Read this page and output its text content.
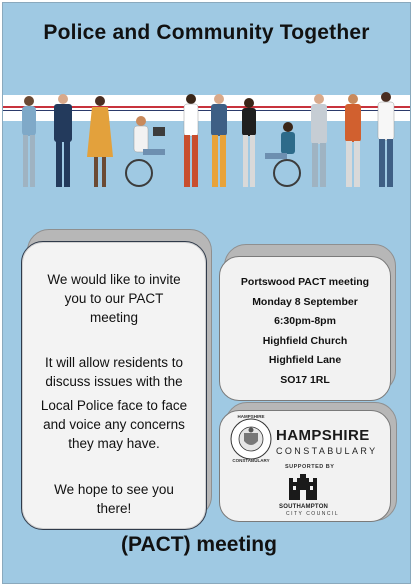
Police and Community Together

We would like to invite

you to our PACT

meeting

It will allow residents to

discuss issues with the

Local Police face to face

and voice any concerns

they may have.

We hope to see you

there!

Portswood PACT meeting

Monday 8 September

6:30pm-8pm

Highfield Church

Highfield Lane

SO17 1RL

HAMPSHIRE
CONSTABULARY
HAMPSHIRE
CONSTABULARY
SUPPORTED BY
SOUTHAMPTON
CITY COUNCIL
(PACT) meeting
